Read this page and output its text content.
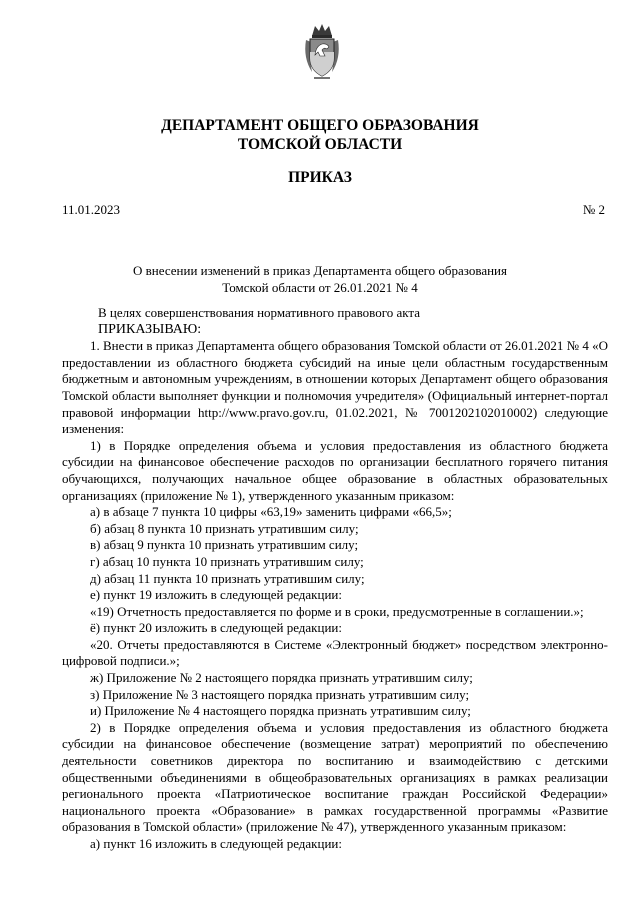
ДЕПАРТАМЕНТ ОБЩЕГО ОБРАЗОВАНИЯ
ТОМСКОЙ ОБЛАСТИ
ПРИКАЗ
11.01.2023	№ 2
О внесении изменений в приказ Департамента общего образования
Томской области от 26.01.2021 № 4

В целях совершенствования нормативного правового акта

ПРИКАЗЫВАЮ:

1. Внести в приказ Департамента общего образования Томской области от 26.01.2021 № 4 «О предоставлении из областного бюджета субсидий на иные цели областным государственным бюджетным и автономным учреждениям, в отношении которых Департамент общего образования Томской области выполняет функции и полномочия учредителя» (Официальный интернет-портал правовой информации http://www.pravo.gov.ru, 01.02.2021, № 7001202102010002) следующие изменения:

1) в Порядке определения объема и условия предоставления из областного бюджета субсидии на финансовое обеспечение расходов по организации бесплатного горячего питания обучающихся, получающих начальное общее образование в областных образовательных организациях (приложение № 1), утвержденного указанным приказом:

а) в абзаце 7 пункта 10 цифры «63,19» заменить цифрами «66,5»;

б) абзац 8 пункта 10 признать утратившим силу;

в) абзац 9 пункта 10 признать утратившим силу;

г) абзац 10 пункта 10 признать утратившим силу;

д) абзац 11 пункта 10 признать утратившим силу;

е) пункт 19 изложить в следующей редакции:

«19) Отчетность предоставляется по форме и в сроки, предусмотренные в соглашении.»;

ё) пункт 20 изложить в следующей редакции:

«20. Отчеты предоставляются в Системе «Электронный бюджет» посредством электронно-цифровой подписи.»;

ж) Приложение № 2 настоящего порядка признать утратившим силу;

з) Приложение № 3 настоящего порядка признать утратившим силу;

и) Приложение № 4 настоящего порядка признать утратившим силу;

2) в Порядке определения объема и условия предоставления из областного бюджета субсидии на финансовое обеспечение (возмещение затрат) мероприятий по обеспечению деятельности советников директора по воспитанию и взаимодействию с детскими общественными объединениями в общеобразовательных организациях в рамках реализации регионального проекта «Патриотическое воспитание граждан Российской Федерации» национального проекта «Образование» в рамках государственной программы «Развитие образования в Томской области» (приложение № 47), утвержденного указанным приказом:

а) пункт 16 изложить в следующей редакции:
